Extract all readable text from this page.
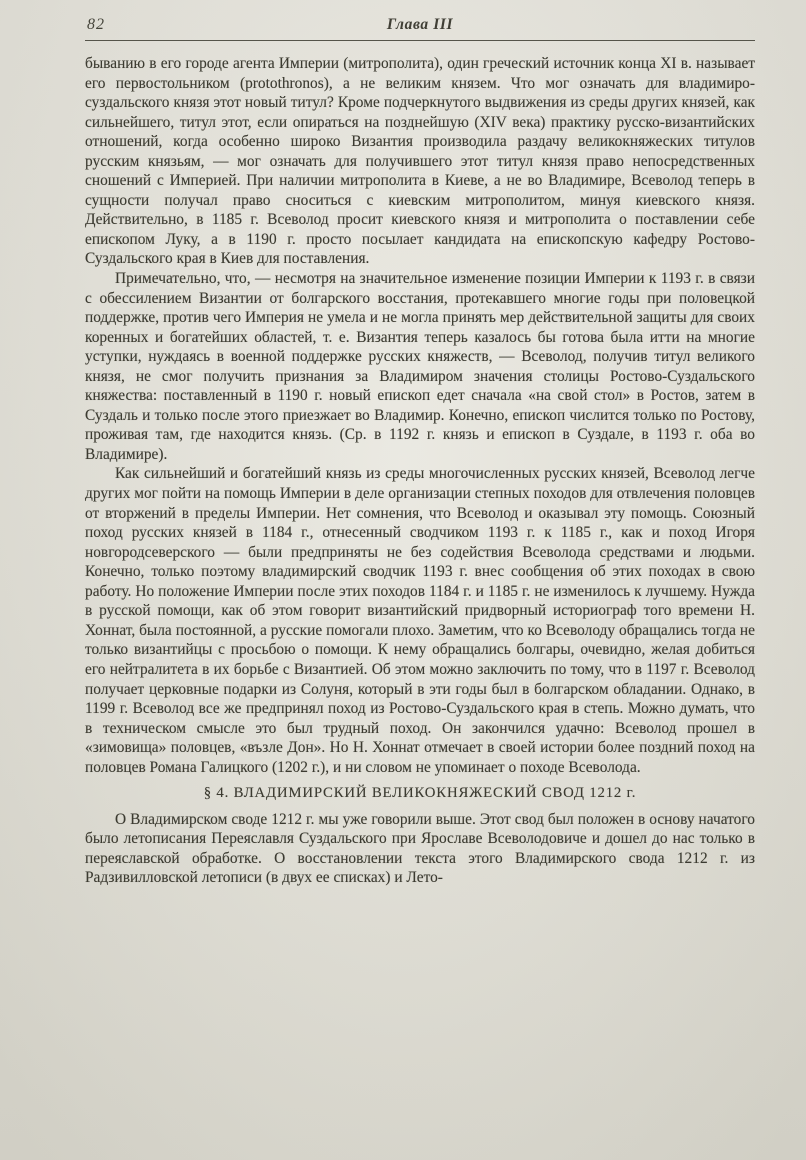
82	Глава III

быванию в его городе агента Империи (митрополита), один греческий источник конца XI в. называет его первостольником (protothronos), а не великим князем. Что мог означать для владимиро-суздальского князя этот новый титул? Кроме подчеркнутого выдвижения из среды других князей, как сильнейшего, титул этот, если опираться на позднейшую (XIV века) практику русско-византийских отношений, когда особенно широко Византия производила раздачу великокняжеских титулов русским князьям, — мог означать для получившего этот титул князя право непосредственных сношений с Империей. При наличии митрополита в Киеве, а не во Владимире, Всеволод теперь в сущности получал право сноситься с киевским митрополитом, минуя киевского князя. Действительно, в 1185 г. Всеволод просит киевского князя и митрополита о поставлении себе епископом Луку, а в 1190 г. просто посылает кандидата на епископскую кафедру Ростово-Суздальского края в Киев для поставления.

Примечательно, что, — несмотря на значительное изменение позиции Империи к 1193 г. в связи с обессилением Византии от болгарского восстания, протекавшего многие годы при половецкой поддержке, против чего Империя не умела и не могла принять мер действительной защиты для своих коренных и богатейших областей, т. е. Византия теперь казалось бы готова была итти на многие уступки, нуждаясь в военной поддержке русских княжеств, — Всеволод, получив титул великого князя, не смог получить признания за Владимиром значения столицы Ростово-Суздальского княжества: поставленный в 1190 г. новый епископ едет сначала «на свой стол» в Ростов, затем в Суздаль и только после этого приезжает во Владимир. Конечно, епископ числится только по Ростову, проживая там, где находится князь. (Ср. в 1192 г. князь и епископ в Суздале, в 1193 г. оба во Владимире).

Как сильнейший и богатейший князь из среды многочисленных русских князей, Всеволод легче других мог пойти на помощь Империи в деле организации степных походов для отвлечения половцев от вторжений в пределы Империи. Нет сомнения, что Всеволод и оказывал эту помощь. Союзный поход русских князей в 1184 г., отнесенный сводчиком 1193 г. к 1185 г., как и поход Игоря новгородсеверского — были предприняты не без содействия Всеволода средствами и людьми. Конечно, только поэтому владимирский сводчик 1193 г. внес сообщения об этих походах в свою работу. Но положение Империи после этих походов 1184 г. и 1185 г. не изменилось к лучшему. Нужда в русской помощи, как об этом говорит византийский придворный историограф того времени Н. Хоннат, была постоянной, а русские помогали плохо. Заметим, что ко Всеволоду обращались тогда не только византийцы с просьбою о помощи. К нему обращались болгары, очевидно, желая добиться его нейтралитета в их борьбе с Византией. Об этом можно заключить по тому, что в 1197 г. Всеволод получает церковные подарки из Солуня, который в эти годы был в болгарском обладании. Однако, в 1199 г. Всеволод все же предпринял поход из Ростово-Суздальского края в степь. Можно думать, что в техническом смысле это был трудный поход. Он закончился удачно: Всеволод прошел в «зимовища» половцев, «възле Дон». Но Н. Хоннат отмечает в своей истории более поздний поход на половцев Романа Галицкого (1202 г.), и ни словом не упоминает о походе Всеволода.

§ 4. ВЛАДИМИРСКИЙ ВЕЛИКОКНЯЖЕСКИЙ СВОД 1212 г.

О Владимирском своде 1212 г. мы уже говорили выше. Этот свод был положен в основу начатого было летописания Переяславля Суздальского при Ярославе Всеволодовиче и дошел до нас только в переяславской обработке. О восстановлении текста этого Владимирского свода 1212 г. из Радзивилловской летописи (в двух ее списках) и Лето-
